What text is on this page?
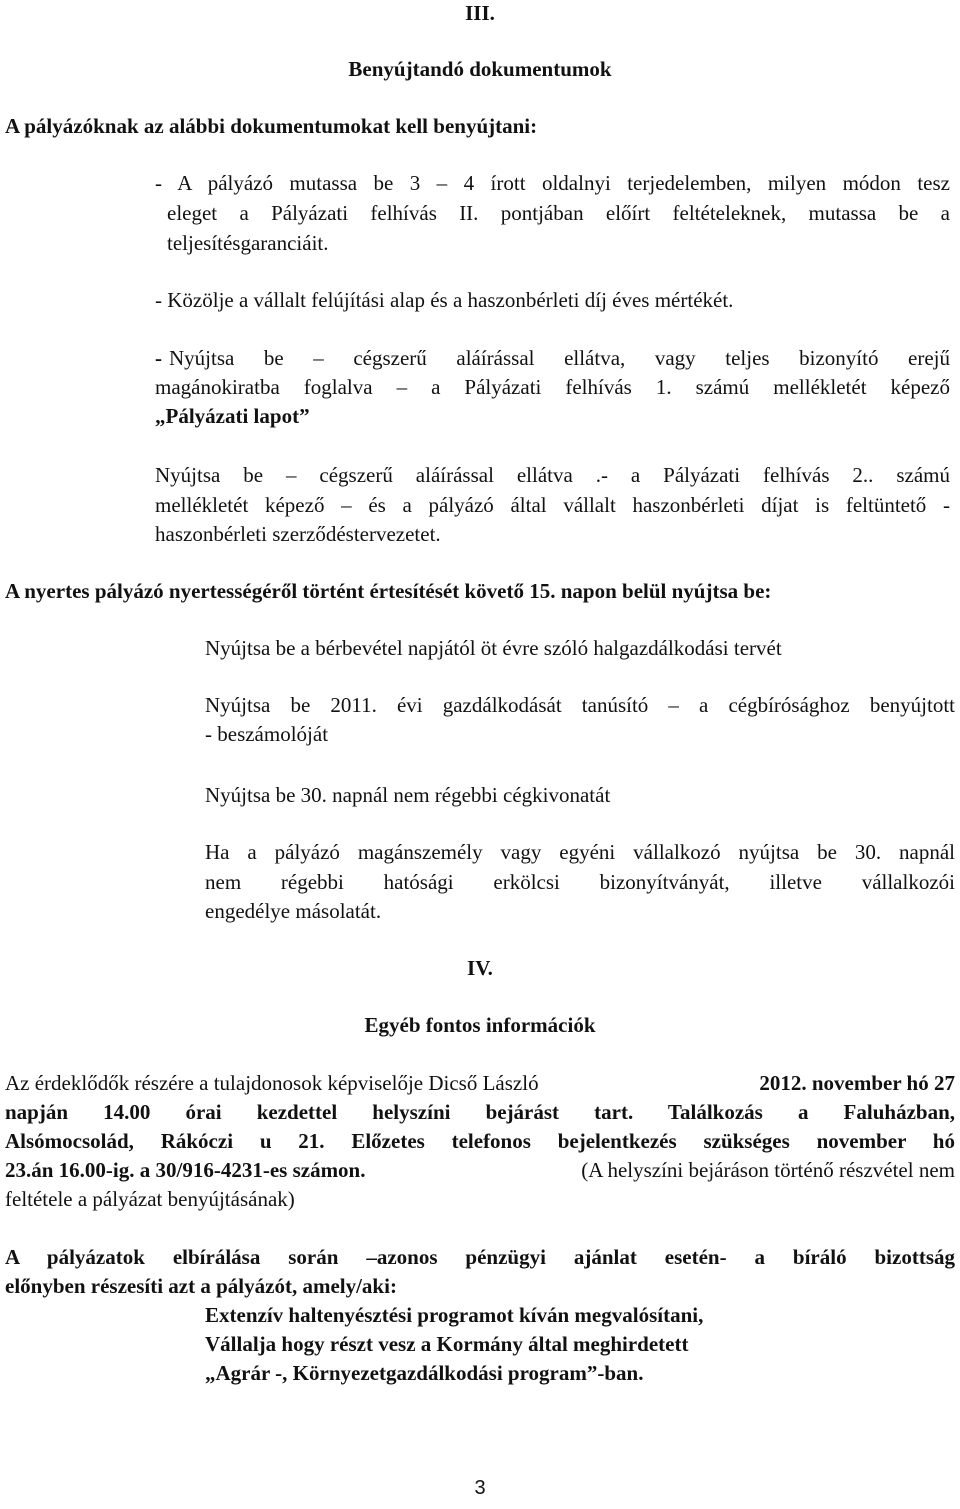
III.
Benyújtandó dokumentumok
A pályázóknak az alábbi dokumentumokat kell benyújtani:
- A pályázó mutassa be 3 – 4 írott oldalnyi terjedelemben, milyen módon tesz
eleget a Pályázati felhívás II. pontjában előírt feltételeknek, mutassa be a
teljesítésgaranciáit.
- Közölje a vállalt felújítási alap és a haszonbérleti díj éves mértékét.
- Nyújtsa be – cégszerű aláírással ellátva, vagy teljes bizonyító erejű
magánokiratba foglalva – a Pályázati felhívás 1. számú mellékletét képező
„Pályázati lapot”
Nyújtsa be – cégszerű aláírással ellátva .- a Pályázati felhívás 2.. számú
mellékletét képező – és a pályázó által vállalt haszonbérleti díjat is feltüntető -
haszonbérleti szerződéstervezetet.
A nyertes pályázó nyertességéről történt értesítését követő 15. napon belül nyújtsa be:
Nyújtsa be a bérbevétel napjától öt évre szóló halgazdálkodási tervét
Nyújtsa be 2011. évi gazdálkodását tanúsító – a cégbírósághoz benyújtott
- beszámolóját
Nyújtsa be 30. napnál nem régebbi cégkivonatát
Ha a pályázó magánszemély vagy egyéni vállalkozó nyújtsa be 30. napnál
nem régebbi hatósági erkölcsi bizonyítványát, illetve vállalkozói
engedélye másolatát.
IV.
Egyéb fontos információk
Az érdeklődők részére a tulajdonosok képviselője Dicső László	2012. november hó 27
napján 14.00 órai kezdettel helyszíni bejárást tart. Találkozás a Faluházban,
Alsómocsolád, Rákóczi u 21. Előzetes telefonos bejelentkezés szükséges november hó
23.án 16.00-ig. a 30/916-4231-es számon.	(A helyszíni bejáráson történő részvétel nem
feltétele a pályázat benyújtásának)
A pályázatok elbírálása során –azonos pénzügyi ajánlat esetén- a bíráló bizottság
előnyben részesíti azt a pályázót, amely/aki:
Extenzív haltenyésztési programot kíván megvalósítani,
Vállalja hogy részt vesz a Kormány által meghirdetett
„Agrár -, Környezetgazdálkodási program”-ban.
3
